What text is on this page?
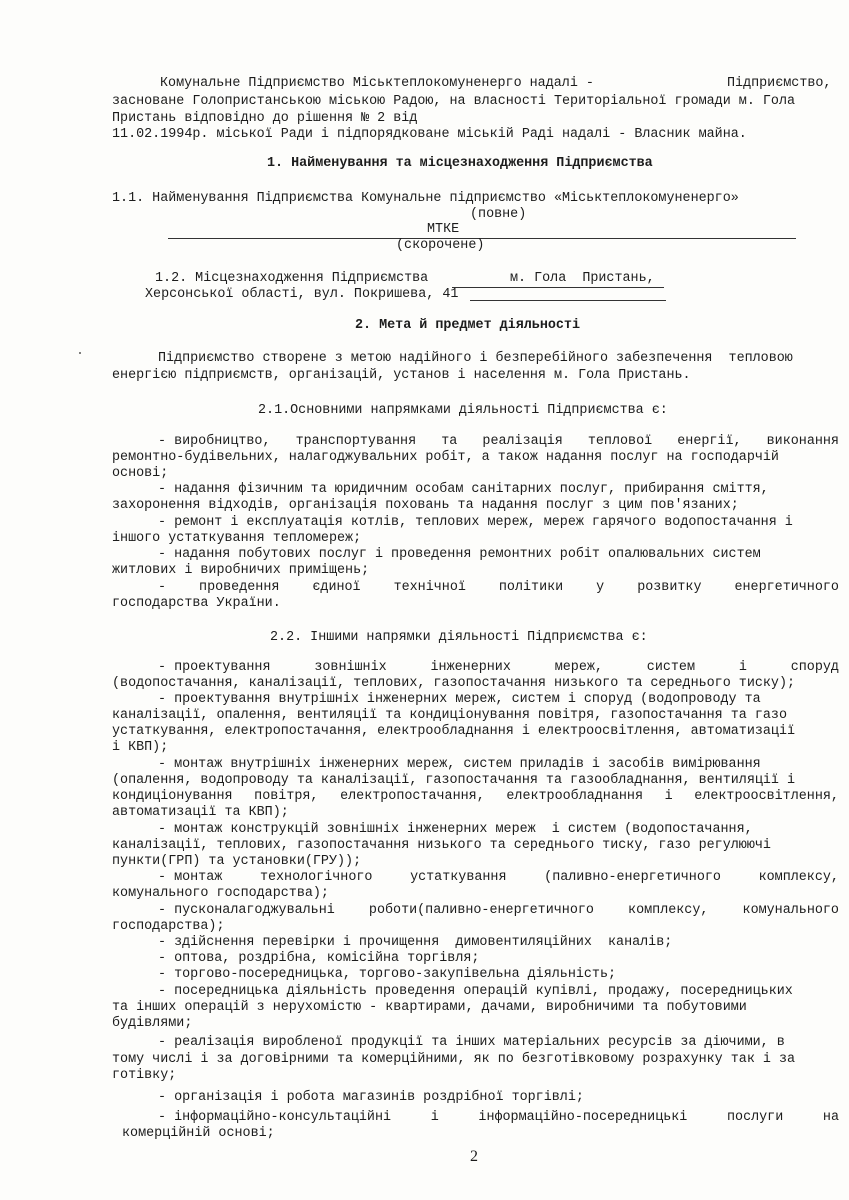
Комунальне Підприємство Міськтеплокомуненерго надалі -	Підприємство,
засноване Голопристанською міською Радою, на власності Територіальної громади м. Гола
Пристань відповідно до рішення № 2 від
11.02.1994р. міської Ради і підпорядковане міській Раді надалі - Власник майна.
1. Найменування та місцезнаходження Підприємства
1.1. Найменування Підприємства Комунальне підприємство «Міськтеплокомуненерго»
(повне)
МТКЕ
(скорочене)
1.2. Місцезнаходження Підприємства	м. Гола  Пристань,
Херсонської області, вул. Покришева, 41
2. Мета й предмет діяльності
Підприємство створене з метою надійного і безперебійного забезпечення  тепловою
енергією підприємств, організацій, установ і населення м. Гола Пристань.
2.1.Основними напрямками діяльності Підприємства є:
- виробництво, транспортування та реалізація теплової енергії, виконання
ремонтно-будівельних, налагоджувальних робіт, а також надання послуг на господарчій
основі;
- надання фізичним та юридичним особам санітарних послуг, прибирання сміття,
захоронення відходів, організація поховань та надання послуг з цим пов'язаних;
- ремонт і експлуатація котлів, теплових мереж, мереж гарячого водопостачання і
іншого устаткування тепломереж;
- надання побутових послуг і проведення ремонтних робіт опалювальних систем
житлових і виробничих приміщень;
- проведення єдиної технічної політики у розвитку енергетичного
господарства України.
2.2. Іншими напрямки діяльності Підприємства є:
- проектування	зовнішніх	інженерних	мереж,	систем	і	споруд
(водопостачання, каналізації, теплових, газопостачання низького та середнього тиску);
- проектування внутрішніх інженерних мереж, систем і споруд (водопроводу та
каналізації, опалення, вентиляції та кондиціонування повітря, газопостачання та газо
устаткування, електропостачання, електрообладнання і електроосвітлення, автоматизації
і КВП);
- монтаж внутрішніх інженерних мереж, систем приладів і засобів вимірювання
(опалення, водопроводу та каналізації, газопостачання та газообладнання, вентиляції і
кондиціонування повітря, електропостачання, електрообладнання і електроосвітлення,
автоматизації та КВП);
- монтаж конструкцій зовнішніх інженерних мереж  і систем (водопостачання,
каналізації, теплових, газопостачання низького та середнього тиску, газо регулюючі
пункти(ГРП) та установки(ГРУ));
- монтаж	технологічного	устаткування	(паливно-енергетичного	комплексу,
комунального господарства);
- пусконалагоджувальні	роботи(паливно-енергетичного	комплексу,	комунального
господарства);
- здійснення перевірки і прочищення  димовентиляційних  каналів;
- оптова, роздрібна, комісійна торгівля;
- торгово-посередницька, торгово-закупівельна діяльність;
- посередницька діяльність проведення операцій купівлі, продажу, посередницьких
та інших операцій з нерухомістю - квартирами, дачами, виробничими та побутовими
будівлями;
- реалізація виробленої продукції та інших матеріальних ресурсів за діючими, в
тому числі і за договірними та комерційними, як по безготівковому розрахунку так і за
готівку;
- організація і робота магазинів роздрібної торгівлі;
- інформаційно-консультаційні	і	інформаційно-посередницькі	послуги	на
комерційній основі;
2
